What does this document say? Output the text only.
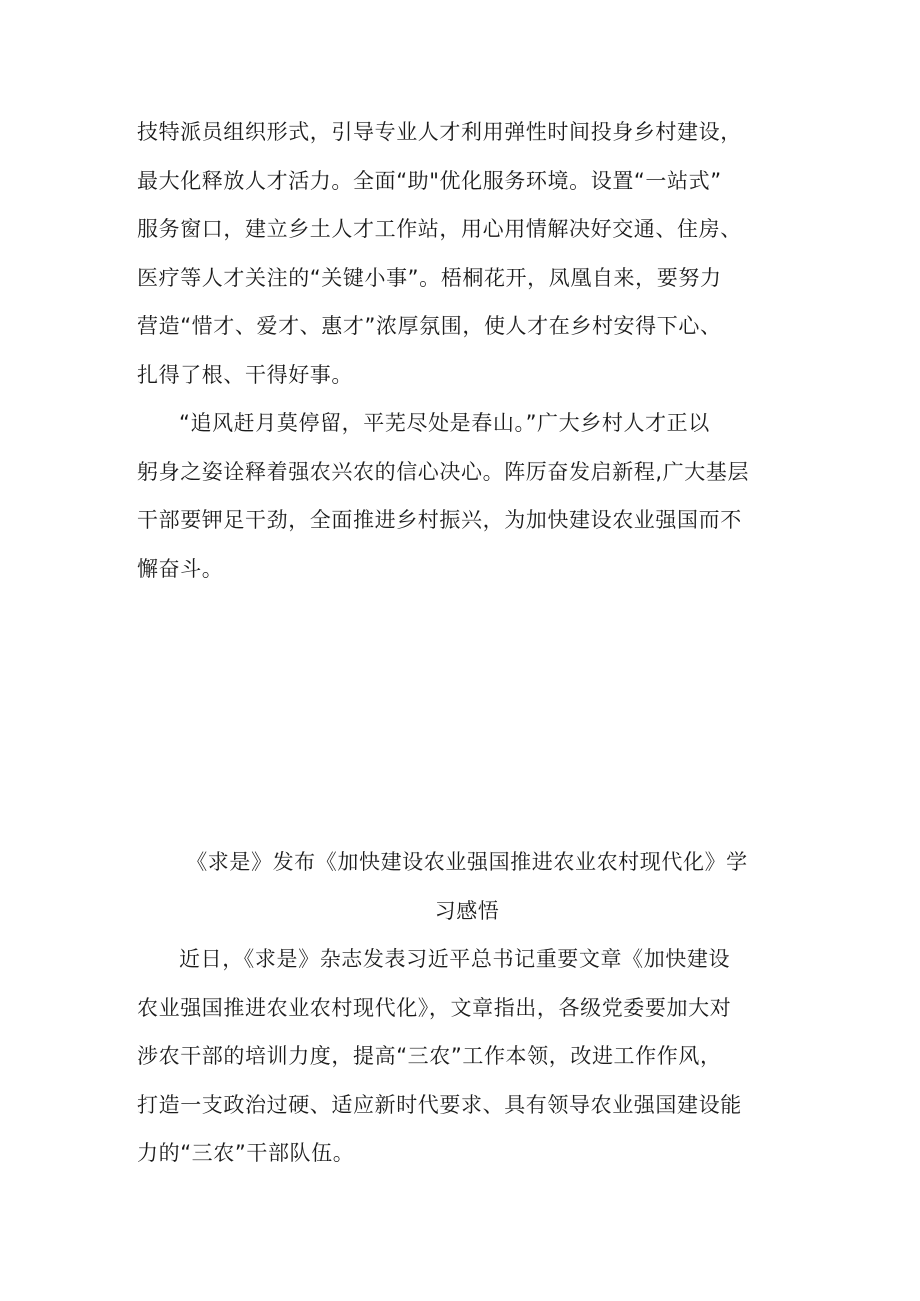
技特派员组织形式，引导专业人才利用弹性时间投身乡村建设，
最大化释放人才活力。全面“助"优化服务环境。设置“一站式”
服务窗口，建立乡土人才工作站，用心用情解决好交通、住房、
医疗等人才关注的“关键小事”。梧桐花开，凤凰自来，要努力
营造“惜才、爱才、惠才”浓厚氛围，使人才在乡村安得下心、
扎得了根、干得好事。
“追风赶月莫停留，平芜尽处是春山。”广大乡村人才正以
躬身之姿诠释着强农兴农的信心决心。阵厉奋发启新程,广大基层
干部要钾足干劲，全面推进乡村振兴，为加快建设农业强国而不
懈奋斗。
《求是》发布《加快建设农业强国推进农业农村现代化》学
习感悟
近日，《求是》杂志发表习近平总书记重要文章《加快建设
农业强国推进农业农村现代化》，文章指出，各级党委要加大对
涉农干部的培训力度，提高“三农”工作本领，改进工作作风，
打造一支政治过硬、适应新时代要求、具有领导农业强国建设能
力的“三农”干部队伍。
